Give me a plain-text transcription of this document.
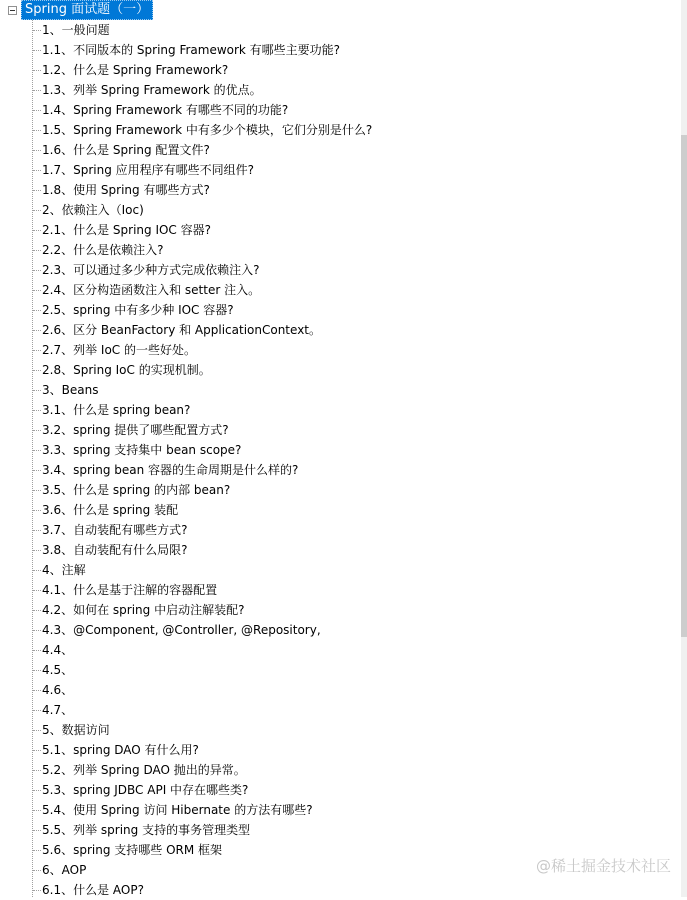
Spring 面试题（一）
1、一般问题
1.1、不同版本的 Spring Framework 有哪些主要功能?
1.2、什么是 Spring Framework?
1.3、列举 Spring Framework 的优点。
1.4、Spring Framework 有哪些不同的功能?
1.5、Spring Framework 中有多少个模块，它们分别是什么?
1.6、什么是 Spring 配置文件?
1.7、Spring 应用程序有哪些不同组件?
1.8、使用 Spring 有哪些方式?
2、依赖注入（Ioc)
2.1、什么是 Spring IOC 容器?
2.2、什么是依赖注入?
2.3、可以通过多少种方式完成依赖注入?
2.4、区分构造函数注入和 setter 注入。
2.5、spring 中有多少种 IOC 容器?
2.6、区分 BeanFactory 和 ApplicationContext。
2.7、列举 IoC 的一些好处。
2.8、Spring IoC 的实现机制。
3、Beans
3.1、什么是 spring bean?
3.2、spring 提供了哪些配置方式?
3.3、spring 支持集中 bean scope?
3.4、spring bean 容器的生命周期是什么样的?
3.5、什么是 spring 的内部 bean?
3.6、什么是 spring 装配
3.7、自动装配有哪些方式?
3.8、自动装配有什么局限?
4、注解
4.1、什么是基于注解的容器配置
4.2、如何在 spring 中启动注解装配?
4.3、@Component, @Controller, @Repository,
4.4、
4.5、
4.6、
4.7、
5、数据访问
5.1、spring DAO 有什么用?
5.2、列举 Spring DAO 抛出的异常。
5.3、spring JDBC API 中存在哪些类?
5.4、使用 Spring 访问 Hibernate 的方法有哪些?
5.5、列举 spring 支持的事务管理类型
5.6、spring 支持哪些 ORM 框架
6、AOP
6.1、什么是 AOP?
@稀土掘金技术社区
